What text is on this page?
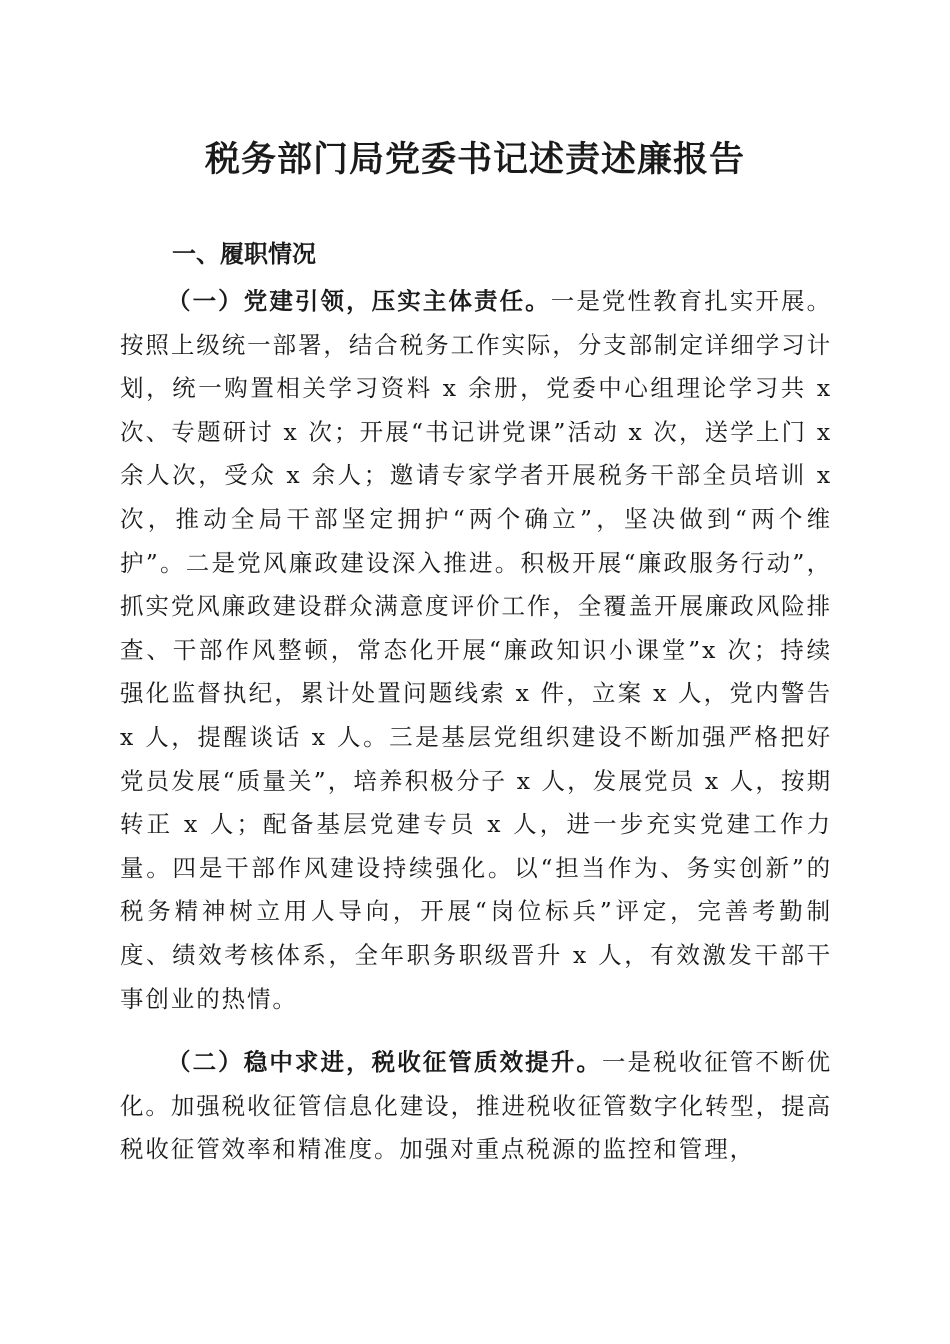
税务部门局党委书记述责述廉报告
一、履职情况

（一）党建引领，压实主体责任。一是党性教育扎实开展。按照上级统一部署，结合税务工作实际，分支部制定详细学习计划，统一购置相关学习资料 x 余册，党委中心组理论学习共 x 次、专题研讨 x 次；开展“书记讲党课”活动 x 次，送学上门 x 余人次，受众 x 余人；邀请专家学者开展税务干部全员培训 x 次，推动全局干部坚定拥护“两个确立”，坚决做到“两个维护”。二是党风廉政建设深入推进。积极开展“廉政服务行动”，抓实党风廉政建设群众满意度评价工作，全覆盖开展廉政风险排查、干部作风整顿，常态化开展“廉政知识小课堂”x 次；持续强化监督执纪，累计处置问题线索 x 件，立案 x 人，党内警告 x 人，提醒谈话 x 人。三是基层党组织建设不断加强严格把好党员发展“质量关”，培养积极分子 x 人，发展党员 x 人，按期转正 x 人；配备基层党建专员 x 人，进一步充实党建工作力量。四是干部作风建设持续强化。以“担当作为、务实创新”的税务精神树立用人导向，开展“岗位标兵”评定，完善考勤制度、绩效考核体系，全年职务职级晋升 x 人，有效激发干部干事创业的热情。

（二）稳中求进，税收征管质效提升。一是税收征管不断优化。加强税收征管信息化建设，推进税收征管数字化转型，提高税收征管效率和精准度。加强对重点税源的监控和管理，
